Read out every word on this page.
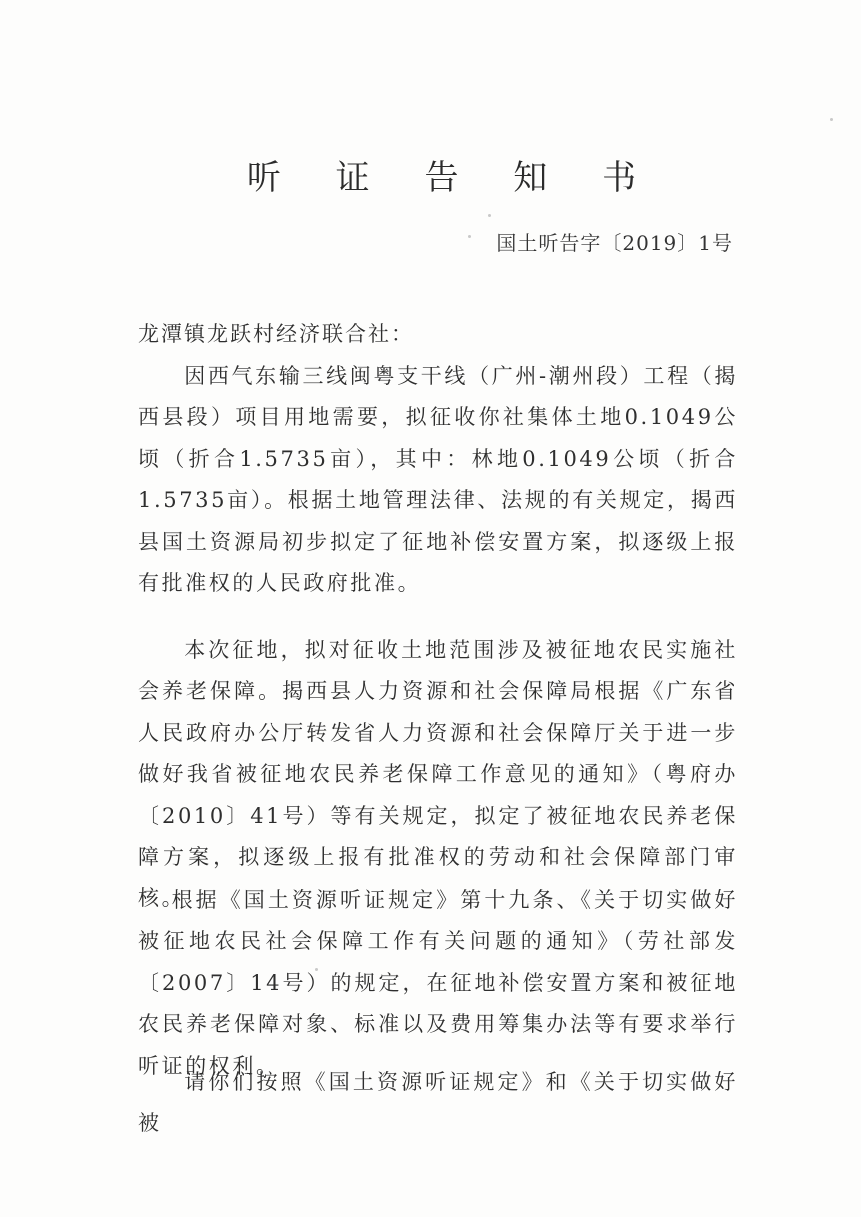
听 证 告 知 书
国土听告字〔2019〕1号
龙潭镇龙跃村经济联合社：

因西气东输三线闽粤支干线（广州-潮州段）工程（揭西县段）项目用地需要，拟征收你社集体土地0.1049公顷（折合1.5735亩），其中：林地0.1049公顷（折合1.5735亩）。根据土地管理法律、法规的有关规定，揭西县国土资源局初步拟定了征地补偿安置方案，拟逐级上报有批准权的人民政府批准。

本次征地，拟对征收土地范围涉及被征地农民实施社会养老保障。揭西县人力资源和社会保障局根据《广东省人民政府办公厅转发省人力资源和社会保障厅关于进一步做好我省被征地农民养老保障工作意见的通知》（粤府办〔2010〕41号）等有关规定，拟定了被征地农民养老保障方案，拟逐级上报有批准权的劳动和社会保障部门审核。

根据《国土资源听证规定》第十九条、《关于切实做好被征地农民社会保障工作有关问题的通知》（劳社部发〔2007〕14号）的规定，在征地补偿安置方案和被征地农民养老保障对象、标准以及费用筹集办法等有要求举行听证的权利。

请你们按照《国土资源听证规定》和《关于切实做好被
